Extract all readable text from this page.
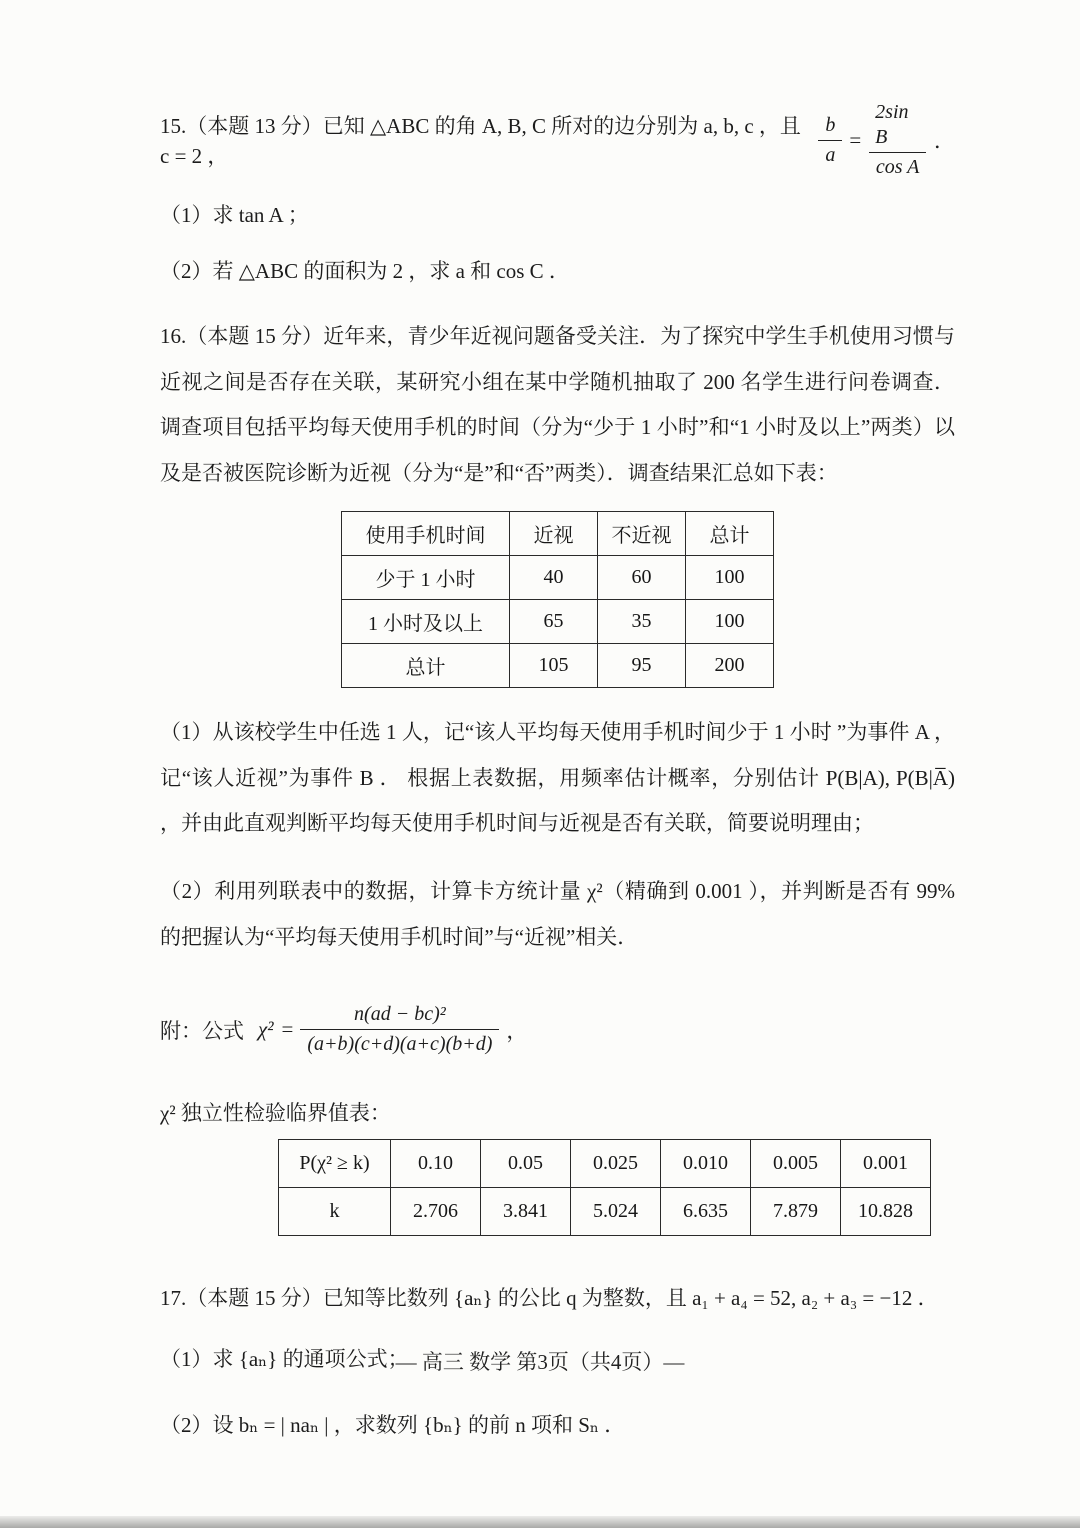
15.（本题 13 分）已知 △ABC 的角 A, B, C 所对的边分别为 a, b, c ，且 c = 2 ，	$\frac{b}{a} = \frac{\text{2sin B}}{\text{cos A}}$ ．

（1）求 tan A ；

（2）若 △ABC 的面积为 2 ，求 a 和 cos C ．

16.（本题 15 分）近年来，青少年近视问题备受关注．为了探究中学生手机使用习惯与近视之间是否存在关联，某研究小组在某中学随机抽取了 200 名学生进行问卷调查．调查项目包括平均每天使用手机的时间（分为“少于 1 小时”和“1 小时及以上”两类）以及是否被医院诊断为近视（分为“是”和“否”两类）．调查结果汇总如下表：

使用手机时间	近视	不近视	总计
少于 1 小时	40	60	100
1 小时及以上	65	35	100
总计	105	95	200

（1）从该校学生中任选 1 人，记“该人平均每天使用手机时间少于 1 小时 ”为事件 A ，记“该人近视”为事件 B ． 根据上表数据，用频率估计概率，分别估计 P(B|A), P(B|A̅) ，并由此直观判断平均每天使用手机时间与近视是否有关联，简要说明理由；

（2）利用列联表中的数据，计算卡方统计量 χ²（精确到 0.001 ），并判断是否有 99% 的把握认为“平均每天使用手机时间”与“近视”相关．

附：公式 $\chi^2 = \frac{\text{n(ad − bc)²}}{(a+b)(c+d)(a+c)(b+d)}$ ，

χ² 独立性检验临界值表：

P(χ² ≥ k)	0.10	0.05	0.025	0.010	0.005	0.001
k	2.706	3.841	5.024	6.635	7.879	10.828

17.（本题 15 分）已知等比数列 {aₙ} 的公比 q 为整数，且 a₁ + a₄ = 52, a₂ + a₃ = −12 ．

（1）求 {aₙ} 的通项公式；

（2）设 bₙ = | naₙ | ，求数列 {bₙ} 的前 n 项和 Sₙ ．

— 高三 数学 第3页（共4页）—
